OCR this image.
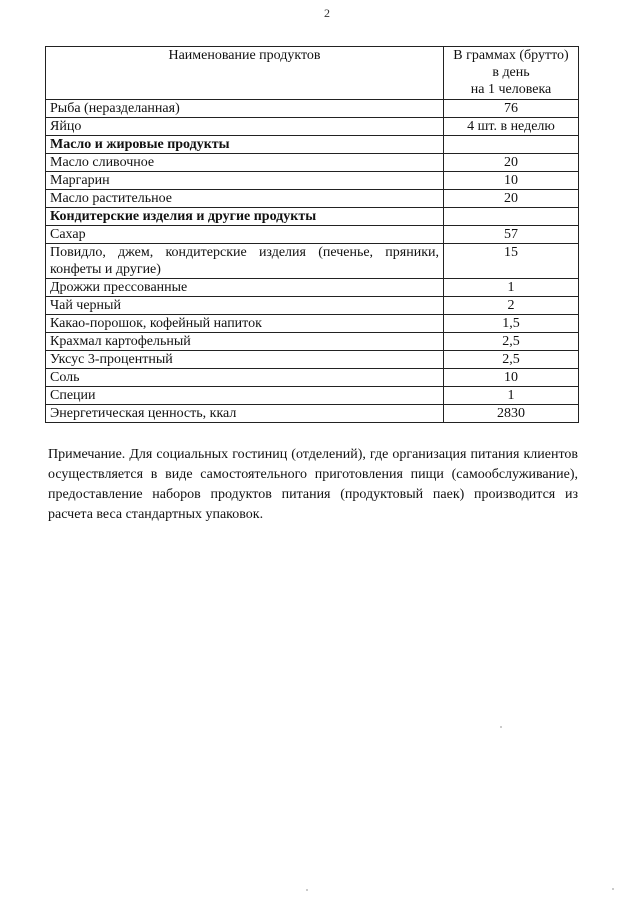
2
Наименование продуктов	В граммах (брутто)
в день
на 1 человека

Рыба (неразделанная)	76
Яйцо	4 шт. в неделю
Масло и жировые продукты	
Масло сливочное	20
Маргарин	10
Масло растительное	20
Кондитерские изделия и другие продукты	
Сахар	57
Повидло, джем, кондитерские изделия (печенье, пряники, конфеты и другие)	15
Дрожжи прессованные	1
Чай черный	2
Какао-порошок, кофейный напиток	1,5
Крахмал картофельный	2,5
Уксус 3-процентный	2,5
Соль	10
Специи	1
Энергетическая ценность, ккал	2830
Примечание. Для социальных гостиниц (отделений), где организация питания клиентов осуществляется в виде самостоятельного приготовления пищи (самообслуживание), предоставление наборов продуктов питания (продуктовый паек) производится из расчета веса стандартных упаковок.
